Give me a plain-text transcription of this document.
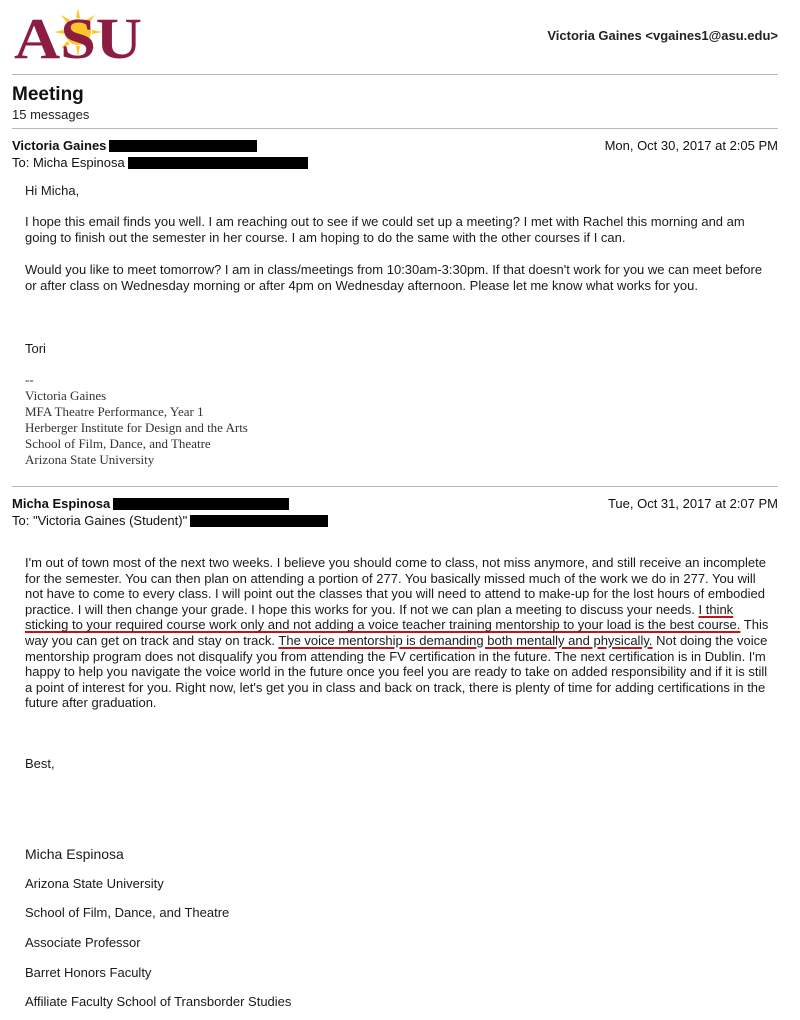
ASU	Victoria Gaines <vgaines1@asu.edu>
Meeting
15 messages
Victoria Gaines	Mon, Oct 30, 2017 at 2:05 PM
To: Micha Espinosa

Hi Micha,

I hope this email finds you well. I am reaching out to see if we could set up a meeting? I met with Rachel this morning and am going to finish out the semester in her course. I am hoping to do the same with the other courses if I can.

Would you like to meet tomorrow? I am in class/meetings from 10:30am-3:30pm. If that doesn't work for you we can meet before or after class on Wednesday morning or after 4pm on Wednesday afternoon. Please let me know what works for you.

Tori

--
Victoria Gaines
MFA Theatre Performance, Year 1
Herberger Institute for Design and the Arts
School of Film, Dance, and Theatre
Arizona State University
Micha Espinosa	Tue, Oct 31, 2017 at 2:07 PM
To: "Victoria Gaines (Student)"

I'm out of town most of the next two weeks. I believe you should come to class, not miss anymore, and still receive an incomplete for the semester. You can then plan on attending a portion of 277. You basically missed much of the work we do in 277. You will not have to come to every class. I will point out the classes that you will need to attend to make-up for the lost hours of embodied practice. I will then change your grade. I hope this works for you. If not we can plan a meeting to discuss your needs. I think sticking to your required course work only and not adding a voice teacher training mentorship to your load is the best course. This way you can get on track and stay on track. The voice mentorship is demanding both mentally and physically. Not doing the voice mentorship program does not disqualify you from attending the FV certification in the future. The next certification is in Dublin. I'm happy to help you navigate the voice world in the future once you feel you are ready to take on added responsibility and if it is still a point of interest for you. Right now, let's get you in class and back on track, there is plenty of time for adding certifications in the future after graduation.

Best,

Micha Espinosa
Arizona State University
School of Film, Dance, and Theatre
Associate Professor
Barret Honors Faculty
Affiliate Faculty School of Transborder Studies
